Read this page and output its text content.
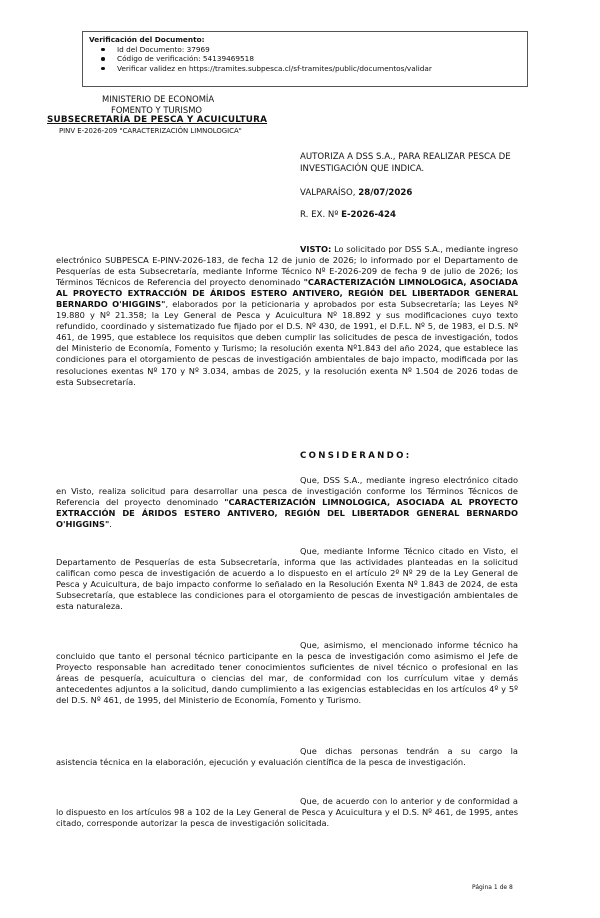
Verificación del Documento:
Id del Documento: 37969
Código de verificación: 54139469518
Verificar validez en https://tramites.subpesca.cl/sf-tramites/public/documentos/validar
MINISTERIO DE ECONOMÍA
FOMENTO Y TURISMO
SUBSECRETARÍA DE PESCA Y ACUICULTURA
PINV E-2026-209 "CARACTERIZACIÓN LIMNOLOGICA"
AUTORIZA A DSS S.A., PARA REALIZAR PESCA DE INVESTIGACIÓN QUE INDICA.
VALPARAÍSO, 28/07/2026
R. EX. Nº E-2026-424
VISTO: Lo solicitado por DSS S.A., mediante ingreso electrónico SUBPESCA E-PINV-2026-183, de fecha 12 de junio de 2026; lo informado por el Departamento de Pesquerías de esta Subsecretaría, mediante Informe Técnico Nº E-2026-209 de fecha 9 de julio de 2026; los Términos Técnicos de Referencia del proyecto denominado "CARACTERIZACIÓN LIMNOLOGICA, ASOCIADA AL PROYECTO EXTRACCIÓN DE ÁRIDOS ESTERO ANTIVERO, REGIÓN DEL LIBERTADOR GENERAL BERNARDO O'HIGGINS", elaborados por la peticionaria y aprobados por esta Subsecretaría; las Leyes Nº 19.880 y Nº 21.358; la Ley General de Pesca y Acuicultura Nº 18.892 y sus modificaciones cuyo texto refundido, coordinado y sistematizado fue fijado por el D.S. Nº 430, de 1991, el D.F.L. Nº 5, de 1983, el D.S. Nº 461, de 1995, que establece los requisitos que deben cumplir las solicitudes de pesca de investigación, todos del Ministerio de Economía, Fomento y Turismo; la resolución exenta Nº1.843 del año 2024, que establece las condiciones para el otorgamiento de pescas de investigación ambientales de bajo impacto, modificada por las resoluciones exentas Nº 170 y Nº 3.034, ambas de 2025, y la resolución exenta Nº 1.504 de 2026 todas de esta Subsecretaría.
CONSIDERANDO:
Que, DSS S.A., mediante ingreso electrónico citado en Visto, realiza solicitud para desarrollar una pesca de investigación conforme los Términos Técnicos de Referencia del proyecto denominado "CARACTERIZACIÓN LIMNOLOGICA, ASOCIADA AL PROYECTO EXTRACCIÓN DE ÁRIDOS ESTERO ANTIVERO, REGIÓN DEL LIBERTADOR GENERAL BERNARDO O'HIGGINS".
Que, mediante Informe Técnico citado en Visto, el Departamento de Pesquerías de esta Subsecretaría, informa que las actividades planteadas en la solicitud califican como pesca de investigación de acuerdo a lo dispuesto en el artículo 2º Nº 29 de la Ley General de Pesca y Acuicultura, de bajo impacto conforme lo señalado en la Resolución Exenta Nº 1.843 de 2024, de esta Subsecretaría, que establece las condiciones para el otorgamiento de pescas de investigación ambientales de esta naturaleza.
Que, asimismo, el mencionado informe técnico ha concluido que tanto el personal técnico participante en la pesca de investigación como asimismo el Jefe de Proyecto responsable han acreditado tener conocimientos suficientes de nivel técnico o profesional en las áreas de pesquería, acuicultura o ciencias del mar, de conformidad con los currículum vitae y demás antecedentes adjuntos a la solicitud, dando cumplimiento a las exigencias establecidas en los artículos 4º y 5º del D.S. Nº 461, de 1995, del Ministerio de Economía, Fomento y Turismo.
Que dichas personas tendrán a su cargo la asistencia técnica en la elaboración, ejecución y evaluación científica de la pesca de investigación.
Que, de acuerdo con lo anterior y de conformidad a lo dispuesto en los artículos 98 a 102 de la Ley General de Pesca y Acuicultura y el D.S. Nº 461, de 1995, antes citado, corresponde autorizar la pesca de investigación solicitada.
Página 1 de 8
